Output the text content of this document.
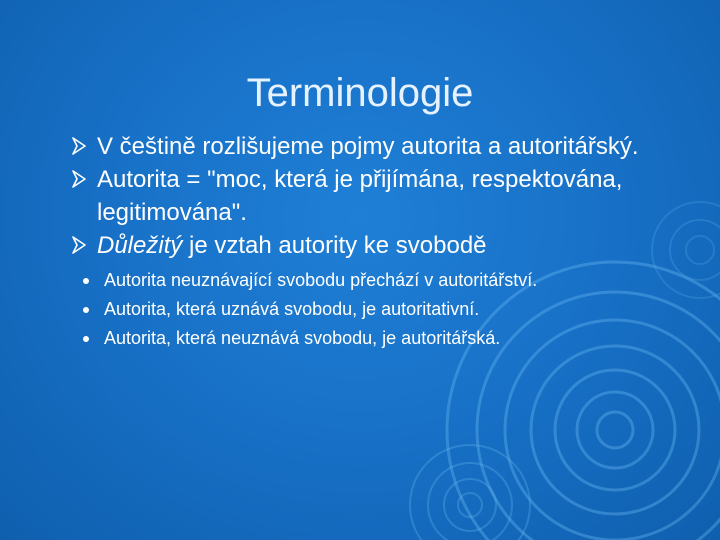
Terminologie
V češtině rozlišujeme pojmy autorita a autoritářský.
Autorita = "moc, která je přijímána, respektována, legitimována".
Důležitý je vztah autority ke svobodě
Autorita neuznávající svobodu přechází v autoritářství.
Autorita, která uznává svobodu, je autoritativní.
Autorita, která neuznává svobodu, je autoritářská.
